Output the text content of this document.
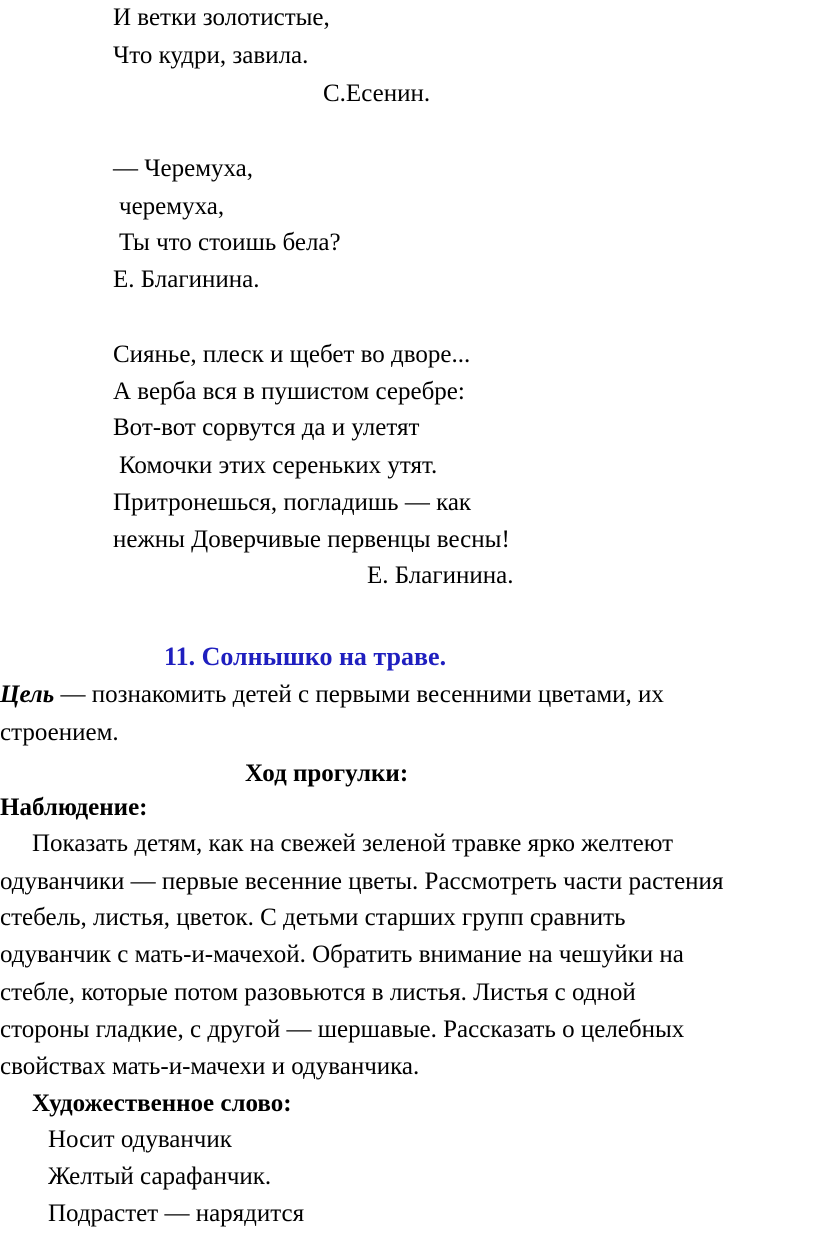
И ветки золотистые,
Что кудри, завила.
С.Есенин.
— Черемуха,
черемуха,
Ты что стоишь бела?
Е. Благинина.
Сиянье, плеск и щебет во дворе...
А верба вся в пушистом серебре:
Вот-вот сорвутся да и улетят
Комочки этих серeньких утят.
Притронешься, погладишь — как
нежны Доверчивые первенцы весны!
Е. Благинина.
11. Солнышко на траве.
Цель — познакомить детей с первыми весенними цветами, их
строением.
Ход прогулки:
Наблюдение:
Показать детям, как на свежей зеленой травке ярко желтеют
одуванчики — первые весенние цветы. Рассмотреть части растения
стебель, листья, цветок. С детьми старших групп сравнить
одуванчик с мать-и-мачехой. Обратить внимание на чешуйки на
стебле, которые потом разовьются в листья. Листья с одной
стороны гладкие, с другой — шершавые. Рассказать о целебных
свойствах мать-и-мачехи и одуванчика.
Художественное слово:
Носит одуванчик
Желтый сарафанчик.
Подрастет — нарядится
